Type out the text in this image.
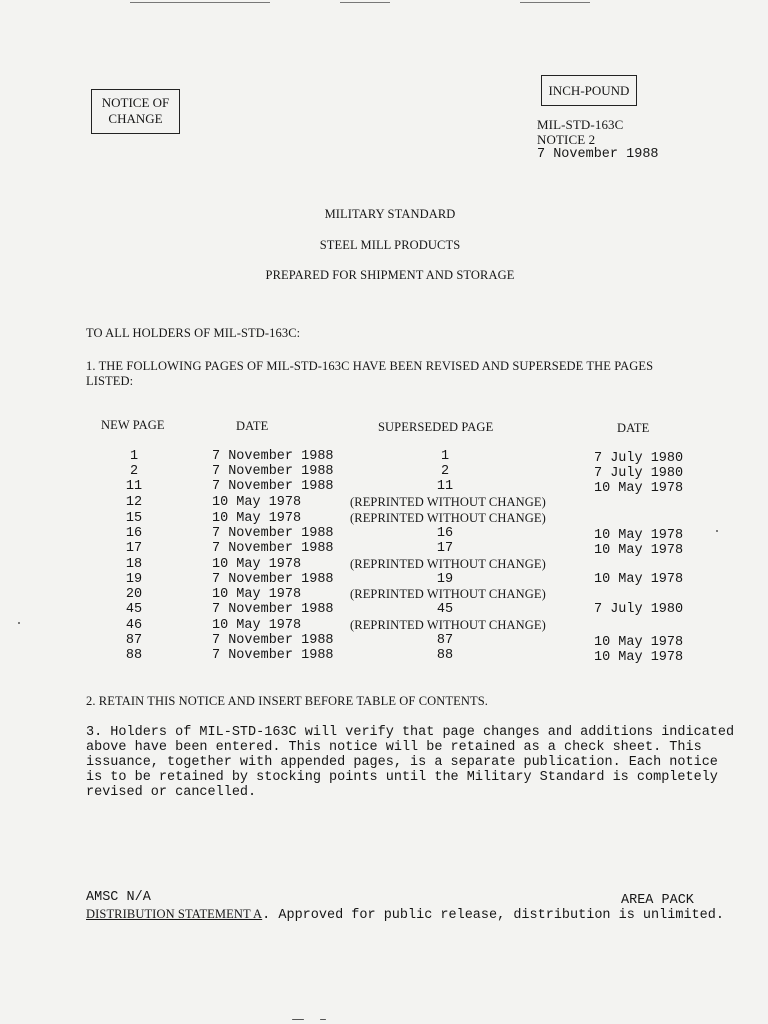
NOTICE OF
CHANGE
INCH-POUND
MIL-STD-163C
NOTICE 2
7 November 1988
MILITARY STANDARD
STEEL MILL PRODUCTS
PREPARED FOR SHIPMENT AND STORAGE
TO ALL HOLDERS OF MIL-STD-163C:
1. THE FOLLOWING PAGES OF MIL-STD-163C HAVE BEEN REVISED AND SUPERSEDE THE PAGES
LISTED:
NEW PAGE	DATE	SUPERSEDED PAGE	DATE
1	7 November 1988	1	7 July 1980
2	7 November 1988	2	7 July 1980
11	7 November 1988	11	10 May 1978
12	10 May 1978	(REPRINTED WITHOUT CHANGE)
15	10 May 1978	(REPRINTED WITHOUT CHANGE)
16	7 November 1988	16	10 May 1978
17	7 November 1988	17	10 May 1978
18	10 May 1978	(REPRINTED WITHOUT CHANGE)
19	7 November 1988	19	10 May 1978
20	10 May 1978	(REPRINTED WITHOUT CHANGE)
45	7 November 1988	45	7 July 1980
46	10 May 1978	(REPRINTED WITHOUT CHANGE)
87	7 November 1988	87	10 May 1978
88	7 November 1988	88	10 May 1978
2. RETAIN THIS NOTICE AND INSERT BEFORE TABLE OF CONTENTS.
3. Holders of MIL-STD-163C will verify that page changes and additions indicated
above have been entered. This notice will be retained as a check sheet. This
issuance, together with appended pages, is a separate publication. Each notice
is to be retained by stocking points until the Military Standard is completely
revised or cancelled.
AMSC N/A	AREA PACK
DISTRIBUTION STATEMENT A. Approved for public release, distribution is unlimited.
